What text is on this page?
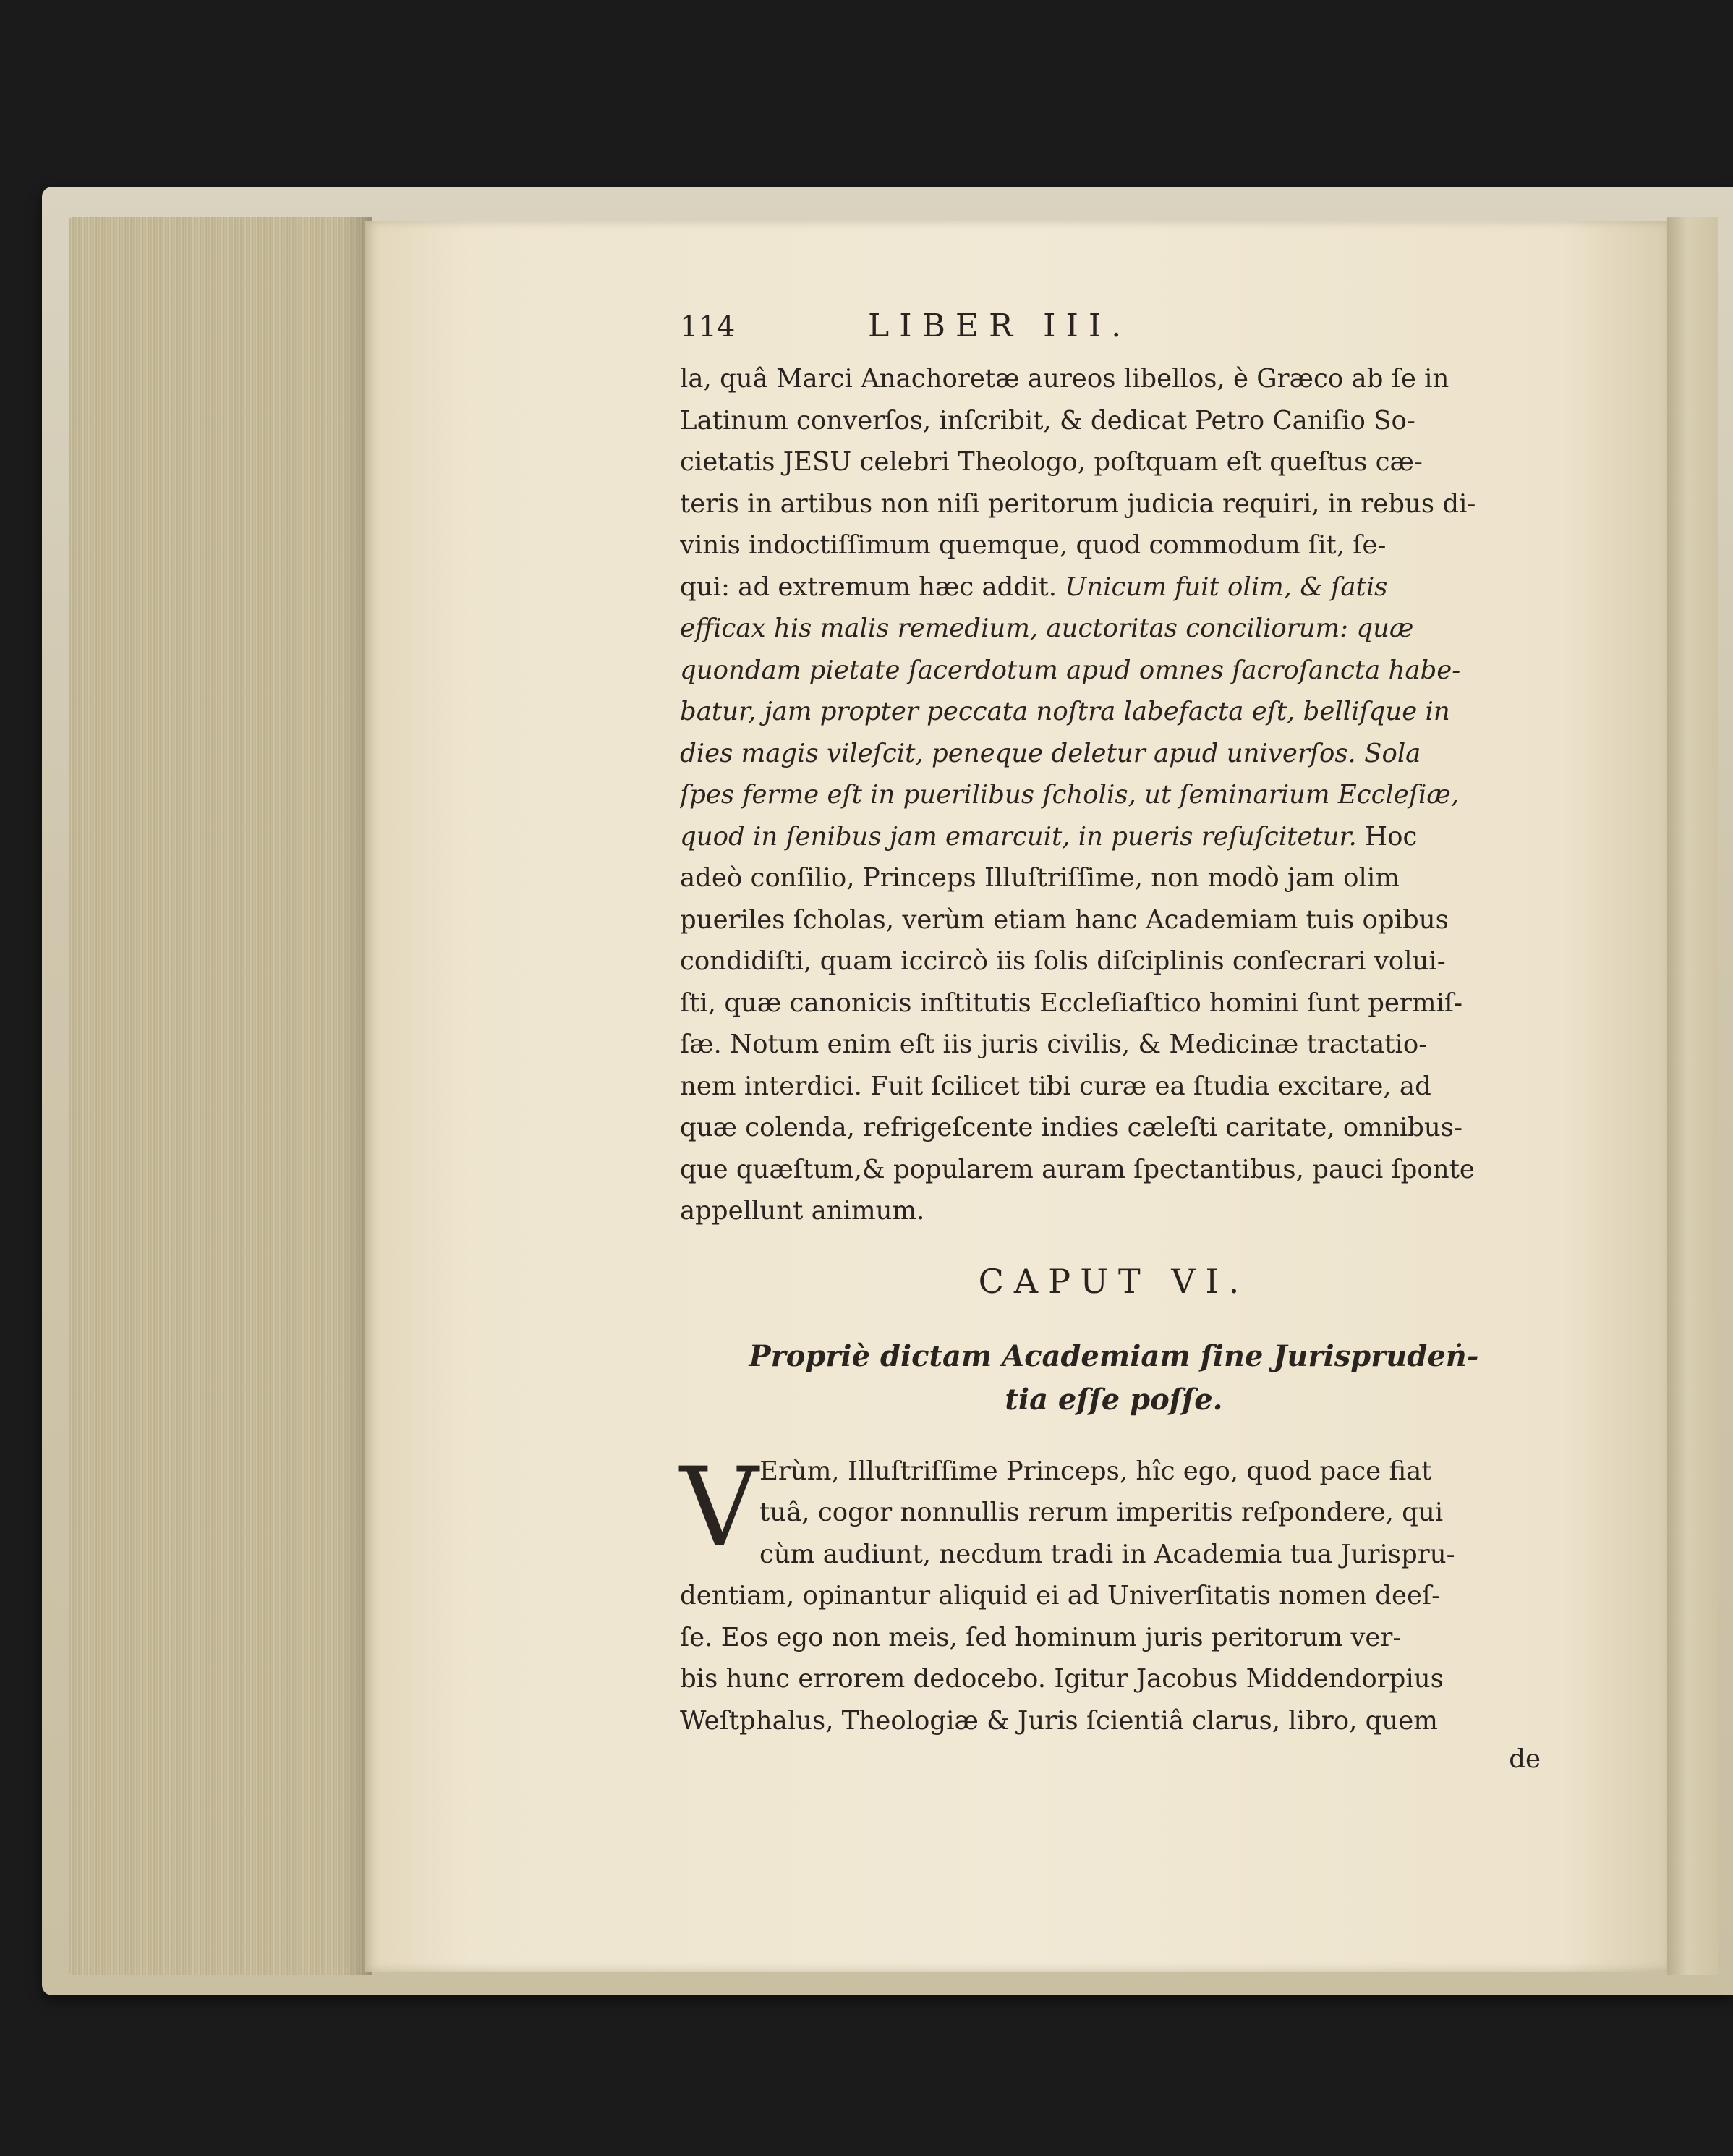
114	LIBER III.
la, quâ Marci Anachoretæ aureos libellos, è Græco ab ſe in
Latinum converſos, inſcribit, & dedicat Petro Caniſio So-
cietatis JESU celebri Theologo, poſtquam eſt queſtus cæ-
teris in artibus non niſi peritorum judicia requiri, in rebus di-
vinis indoctiſſimum quemque, quod commodum ſit, ſe-
qui: ad extremum hæc addit. Unicum fuit olim, & ſatis
efficax his malis remedium, auctoritas conciliorum: quæ
quondam pietate ſacerdotum apud omnes ſacroſancta habe-
batur, jam propter peccata noſtra labefacta eſt, belliſque in
dies magis vileſcit, peneque deletur apud univerſos. Sola
ſpes ferme eſt in puerilibus ſcholis, ut ſeminarium Eccleſiæ,
quod in ſenibus jam emarcuit, in pueris reſuſcitetur. Hoc
adeò conſilio, Princeps Illuſtriſſime, non modò jam olim
pueriles ſcholas, verùm etiam hanc Academiam tuis opibus
condidiſti, quam iccircò iis ſolis diſciplinis conſecrari volui-
ſti, quæ canonicis inſtitutis Eccleſiaſtico homini ſunt permiſ-
ſæ. Notum enim eſt iis juris civilis, & Medicinæ tractatio-
nem interdici. Fuit ſcilicet tibi curæ ea ſtudia excitare, ad
quæ colenda, refrigeſcente indies cæleſti caritate, omnibus-
que quæſtum,& popularem auram ſpectantibus, pauci ſponte
appellunt animum.
CAPUT VI.
Propriè dictam Academiam ſine Jurisprudeṅ-
tia eſſe poſſe.
V Erùm, Illuſtriſſime Princeps, hîc ego, quod pace fiat
tuâ, cogor nonnullis rerum imperitis reſpondere, qui
cùm audiunt, necdum tradi in Academia tua Jurispru-
dentiam, opinantur aliquid ei ad Univerſitatis nomen deeſ-
ſe. Eos ego non meis, ſed hominum juris peritorum ver-
bis hunc errorem dedocebo. Igitur Jacobus Middendorpius
Weſtphalus, Theologiæ & Juris ſcientiâ clarus, libro, quem
de
